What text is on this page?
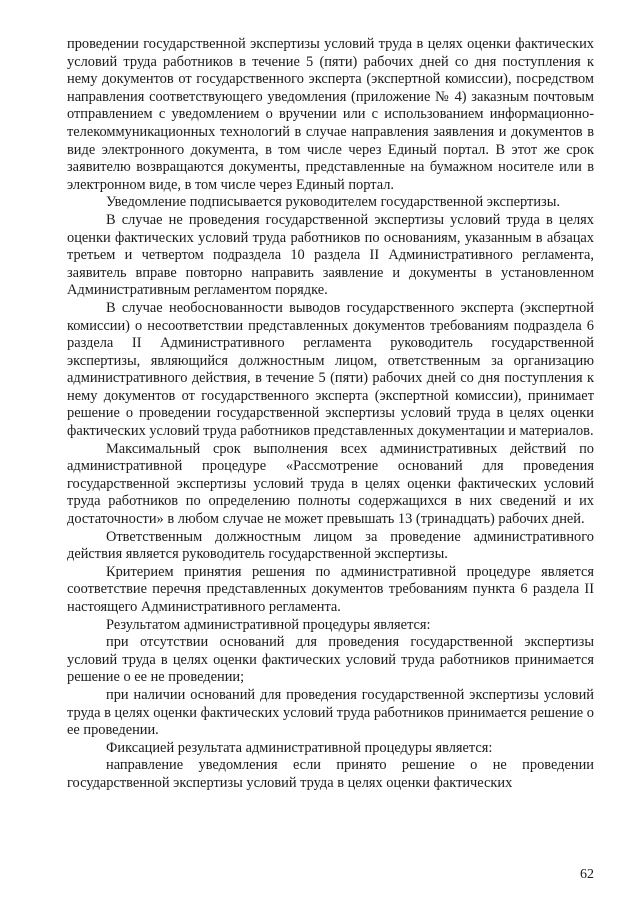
проведении государственной экспертизы условий труда в целях оценки фактических условий труда работников в течение 5 (пяти) рабочих дней со дня поступления к нему документов от государственного эксперта (экспертной комиссии), посредством направления соответствующего уведомления (приложение № 4) заказным почтовым отправлением с уведомлением о вручении или с использованием информационно-телекоммуникационных технологий в случае направления заявления и документов в виде электронного документа, в том числе через Единый портал. В этот же срок заявителю возвращаются документы, представленные на бумажном носителе или в электронном виде, в том числе через Единый портал.

Уведомление подписывается руководителем государственной экспертизы.

В случае не проведения государственной экспертизы условий труда в целях оценки фактических условий труда работников по основаниям, указанным в абзацах третьем и четвертом подраздела 10 раздела II Административного регламента, заявитель вправе повторно направить заявление и документы в установленном Административным регламентом порядке.

В случае необоснованности выводов государственного эксперта (экспертной комиссии) о несоответствии представленных документов требованиям подраздела 6 раздела II Административного регламента руководитель государственной экспертизы, являющийся должностным лицом, ответственным за организацию административного действия, в течение 5 (пяти) рабочих дней со дня поступления к нему документов от государственного эксперта (экспертной комиссии), принимает решение о проведении государственной экспертизы условий труда в целях оценки фактических условий труда работников представленных документации и материалов.

Максимальный срок выполнения всех административных действий по административной процедуре «Рассмотрение оснований для проведения государственной экспертизы условий труда в целях оценки фактических условий труда работников по определению полноты содержащихся в них сведений и их достаточности» в любом случае не может превышать 13 (тринадцать) рабочих дней.

Ответственным должностным лицом за проведение административного действия является руководитель государственной экспертизы.

Критерием принятия решения по административной процедуре является соответствие перечня представленных документов требованиям пункта 6 раздела II настоящего Административного регламента.

Результатом административной процедуры является:

при отсутствии оснований для проведения государственной экспертизы условий труда в целях оценки фактических условий труда работников принимается решение о ее не проведении;

при наличии оснований для проведения государственной экспертизы условий труда в целях оценки фактических условий труда работников принимается решение о ее проведении.

Фиксацией результата административной процедуры является:

направление уведомления если принято решение о не проведении государственной экспертизы условий труда в целях оценки фактических

62
